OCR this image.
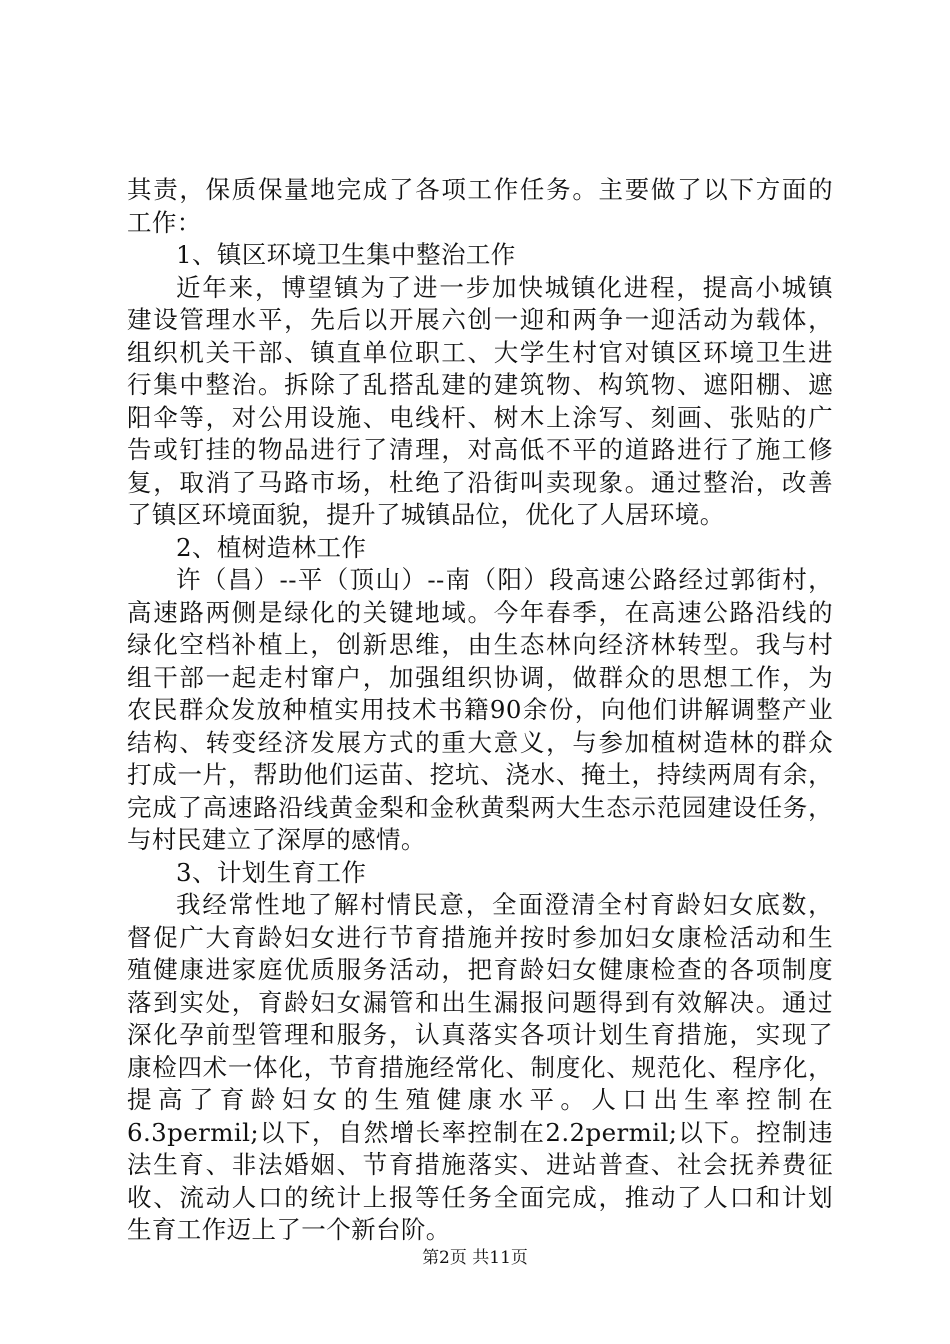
其责，保质保量地完成了各项工作任务。主要做了以下方面的
工作：
1、镇区环境卫生集中整治工作
近年来，博望镇为了进一步加快城镇化进程，提高小城镇
建设管理水平，先后以开展六创一迎和两争一迎活动为载体，
组织机关干部、镇直单位职工、大学生村官对镇区环境卫生进
行集中整治。拆除了乱搭乱建的建筑物、构筑物、遮阳棚、遮
阳伞等，对公用设施、电线杆、树木上涂写、刻画、张贴的广
告或钉挂的物品进行了清理，对高低不平的道路进行了施工修
复，取消了马路市场，杜绝了沿街叫卖现象。通过整治，改善
了镇区环境面貌，提升了城镇品位，优化了人居环境。
2、植树造林工作
许（昌）--平（顶山）--南（阳）段高速公路经过郭街村，
高速路两侧是绿化的关键地域。今年春季，在高速公路沿线的
绿化空档补植上，创新思维，由生态林向经济林转型。我与村
组干部一起走村窜户，加强组织协调，做群众的思想工作，为
农民群众发放种植实用技术书籍90余份，向他们讲解调整产业
结构、转变经济发展方式的重大意义，与参加植树造林的群众
打成一片，帮助他们运苗、挖坑、浇水、掩土，持续两周有余，
完成了高速路沿线黄金梨和金秋黄梨两大生态示范园建设任务，
与村民建立了深厚的感情。
3、计划生育工作
我经常性地了解村情民意，全面澄清全村育龄妇女底数，
督促广大育龄妇女进行节育措施并按时参加妇女康检活动和生
殖健康进家庭优质服务活动，把育龄妇女健康检查的各项制度
落到实处，育龄妇女漏管和出生漏报问题得到有效解决。通过
深化孕前型管理和服务，认真落实各项计划生育措施，实现了
康检四术一体化，节育措施经常化、制度化、规范化、程序化，
提高了育龄妇女的生殖健康水平。人口出生率控制在
6.3permil;以下，自然增长率控制在2.2permil;以下。控制违
法生育、非法婚姻、节育措施落实、进站普查、社会抚养费征
收、流动人口的统计上报等任务全面完成，推动了人口和计划
生育工作迈上了一个新台阶。
第2页 共11页
